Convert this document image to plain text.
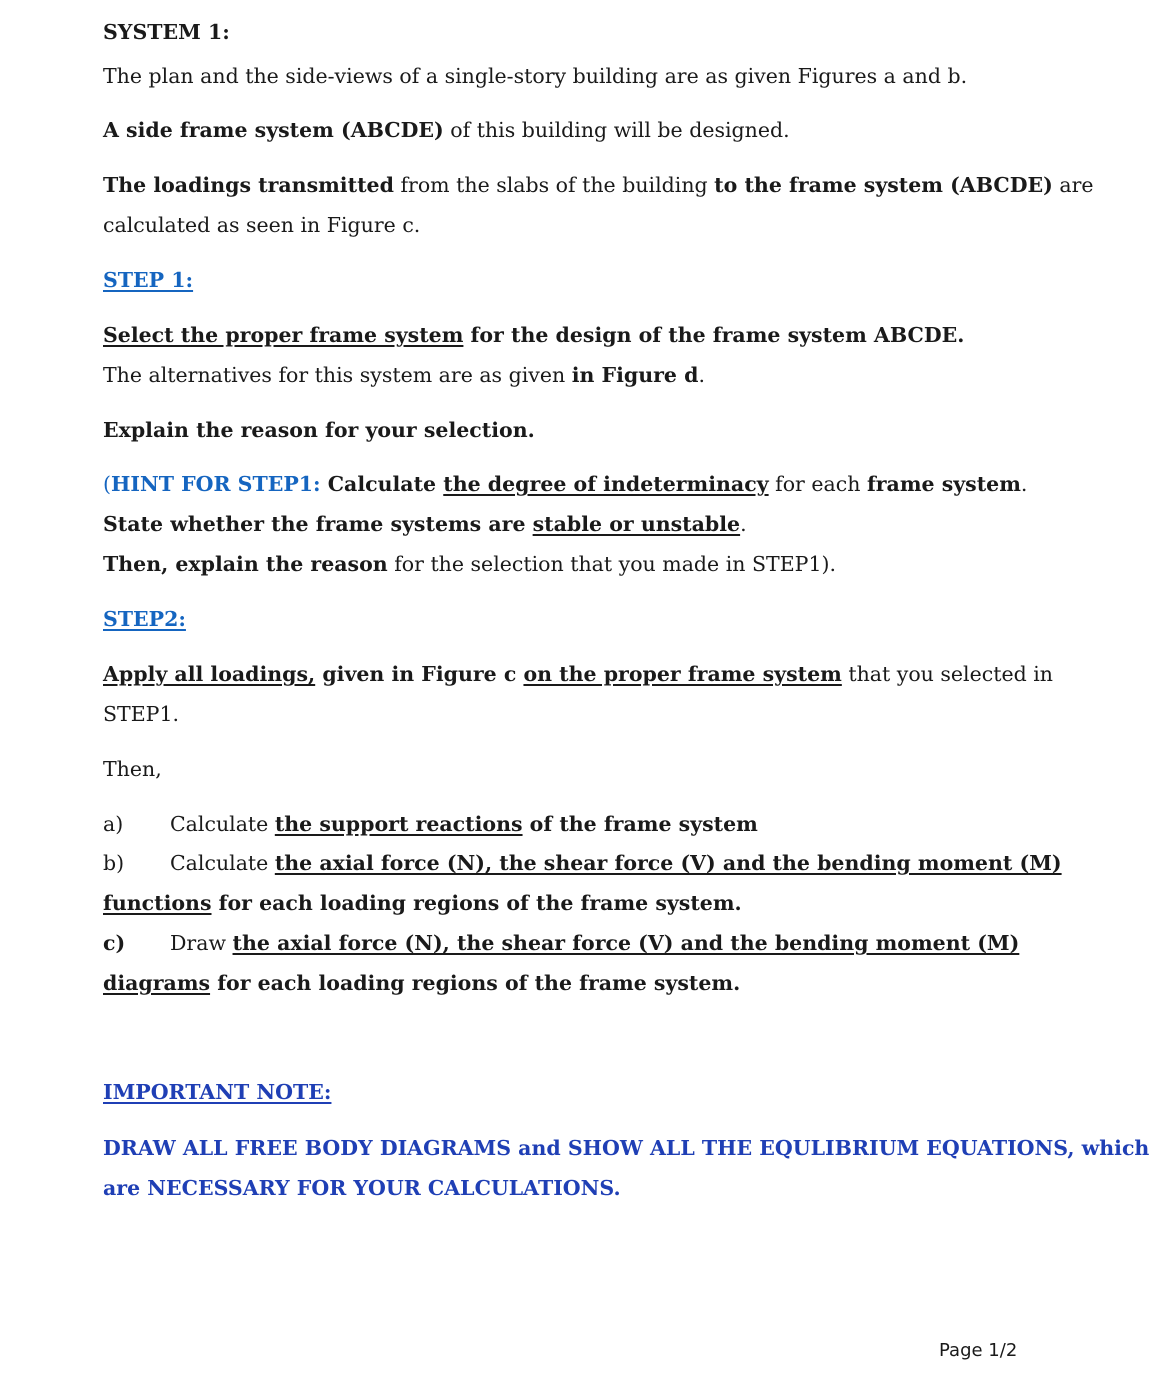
SYSTEM 1:
The plan and the side-views of a single-story building are as given Figures a and b.
A side frame system (ABCDE) of this building will be designed.
The loadings transmitted from the slabs of the building to the frame system (ABCDE) are
calculated as seen in Figure c.
STEP 1:
Select the proper frame system for the design of the frame system ABCDE.
The alternatives for this system are as given in Figure d.
Explain the reason for your selection.
(HINT FOR STEP1: Calculate the degree of indeterminacy for each frame system.
State whether the frame systems are stable or unstable.
Then, explain the reason for the selection that you made in STEP1).
STEP2:
Apply all loadings, given in Figure c on the proper frame system that you selected in
STEP1.
Then,
a) Calculate the support reactions of the frame system
b) Calculate the axial force (N), the shear force (V) and the bending moment (M)
functions for each loading regions of the frame system.
c) Draw the axial force (N), the shear force (V) and the bending moment (M)
diagrams for each loading regions of the frame system.
IMPORTANT NOTE:
DRAW ALL FREE BODY DIAGRAMS and SHOW ALL THE EQULIBRIUM EQUATIONS, which
are NECESSARY FOR YOUR CALCULATIONS.
Page 1/2
